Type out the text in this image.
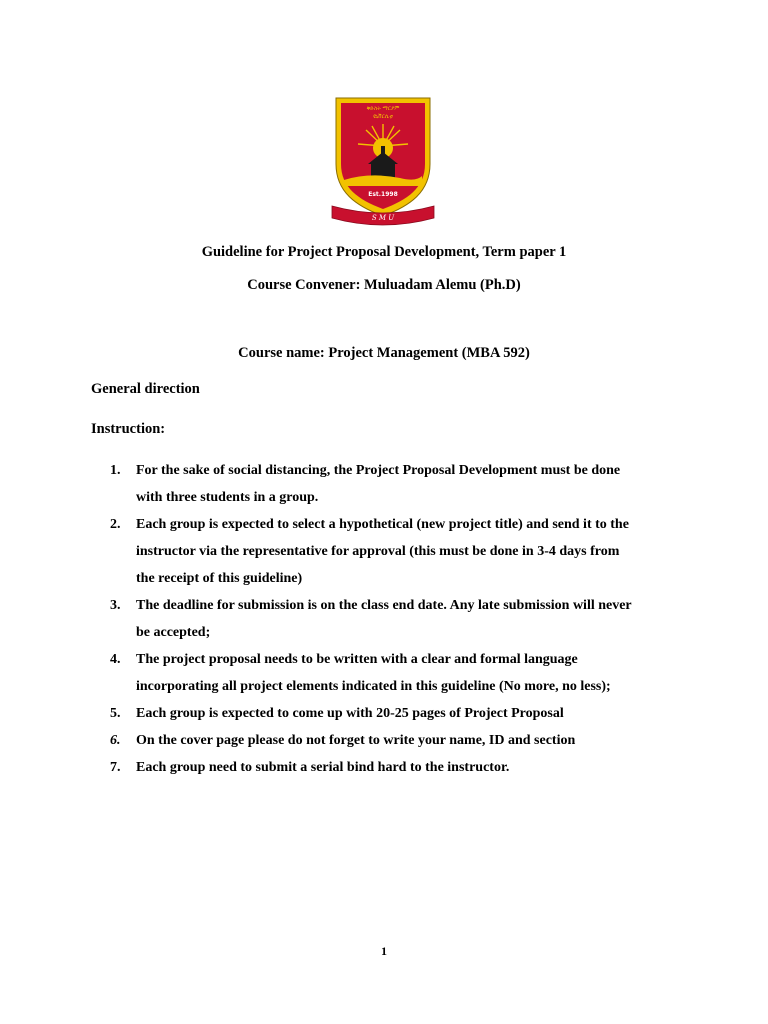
ቅድስት ማርያም
ዩኒቨርሲቲ
Est.1998
S M U
Guideline for Project Proposal Development, Term paper 1
Course Convener: Muluadam Alemu (Ph.D)
Course name: Project Management (MBA 592)
General direction
Instruction:
1. For the sake of social distancing, the Project Proposal Development must be done
with three students in a group.
2. Each group is expected to select a hypothetical (new project title) and send it to the
instructor via the representative for approval (this must be done in 3-4 days from
the receipt of this guideline)
3. The deadline for submission is on the class end date. Any late submission will never
be accepted;
4. The project proposal needs to be written with a clear and formal language
incorporating all project elements indicated in this guideline (No more, no less);
5. Each group is expected to come up with 20-25 pages of Project Proposal
6. On the cover page please do not forget to write your name, ID and section
7. Each group need to submit a serial bind hard to the instructor.
1
